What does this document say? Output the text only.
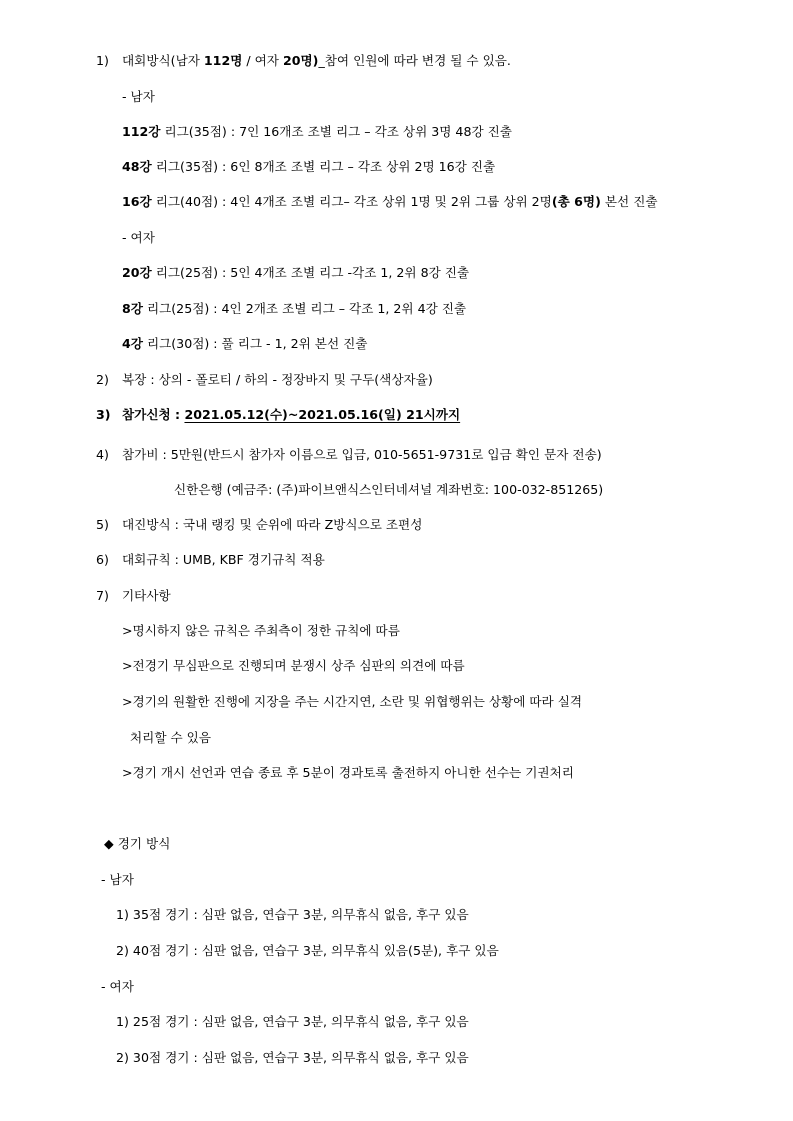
1) 대회방식(남자 112명 / 여자 20명)_참여 인원에 따라 변경 될 수 있음.
- 남자
112강 리그(35점) : 7인 16개조 조별 리그 – 각조 상위 3명 48강 진출
48강 리그(35점) : 6인 8개조 조별 리그 – 각조 상위 2명 16강 진출
16강 리그(40점) : 4인 4개조 조별 리그– 각조 상위 1명 및 2위 그룹 상위 2명(총 6명) 본선 진출
- 여자
20강 리그(25점) : 5인 4개조 조별 리그 -각조 1, 2위 8강 진출
8강 리그(25점) : 4인 2개조 조별 리그 – 각조 1, 2위 4강 진출
4강 리그(30점) : 풀 리그 - 1, 2위 본선 진출
2) 복장 : 상의 - 폴로티 / 하의 - 정장바지 및 구두(색상자율)
3) 참가신청 : 2021.05.12(수)~2021.05.16(일) 21시까지
4) 참가비 : 5만원(반드시 참가자 이름으로 입금, 010-5651-9731로 입금 확인 문자 전송)
신한은행 (예금주: (주)파이브앤식스인터네셔널 계좌번호: 100-032-851265)
5) 대진방식 : 국내 랭킹 및 순위에 따라 Z방식으로 조편성
6) 대회규칙 : UMB, KBF 경기규칙 적용
7) 기타사항
>명시하지 않은 규칙은 주최측이 정한 규칙에 따름
>전경기 무심판으로 진행되며 분쟁시 상주 심판의 의견에 따름
>경기의 원활한 진행에 지장을 주는 시간지연, 소란 및 위협행위는 상황에 따라 실격
처리할 수 있음
>경기 개시 선언과 연습 종료 후 5분이 경과토록 출전하지 아니한 선수는 기권처리
◆ 경기 방식
- 남자
1) 35점 경기 : 심판 없음, 연습구 3분, 의무휴식 없음, 후구 있음
2) 40점 경기 : 심판 없음, 연습구 3분, 의무휴식 있음(5분), 후구 있음
- 여자
1) 25점 경기 : 심판 없음, 연습구 3분, 의무휴식 없음, 후구 있음
2) 30점 경기 : 심판 없음, 연습구 3분, 의무휴식 없음, 후구 있음
